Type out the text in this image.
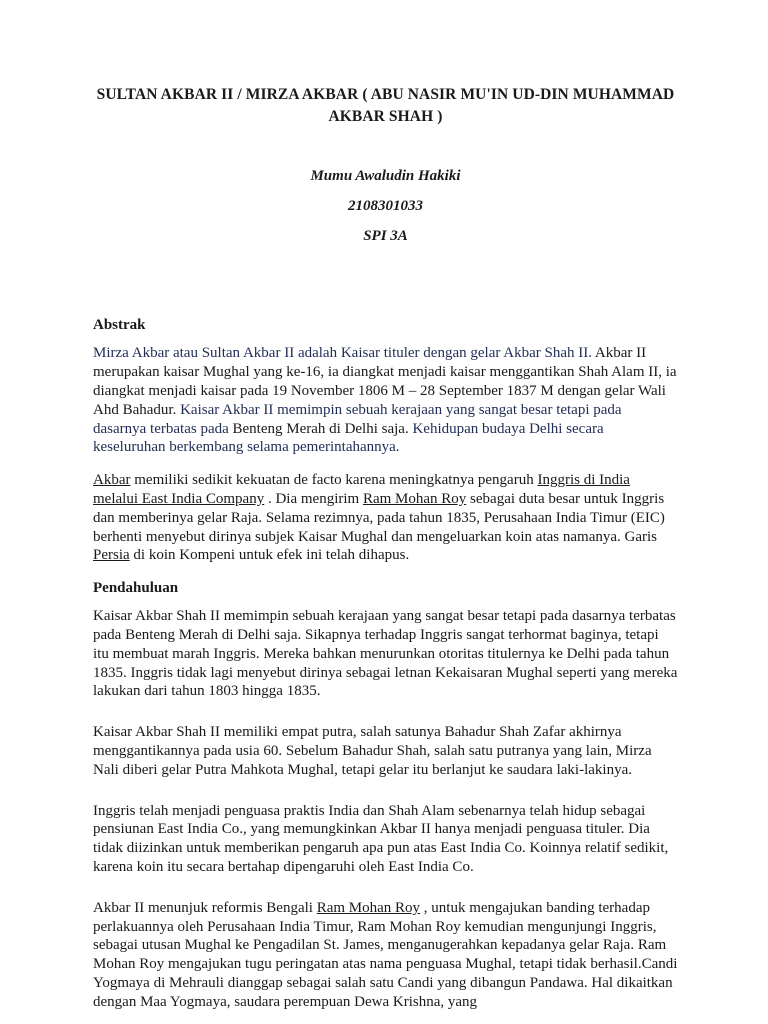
SULTAN AKBAR II / MIRZA AKBAR ( ABU NASIR MU'IN UD-DIN MUHAMMAD AKBAR SHAH )
Mumu Awaludin Hakiki
2108301033
SPI 3A
Abstrak

Mirza Akbar atau Sultan Akbar II adalah Kaisar tituler dengan gelar Akbar Shah II. Akbar II merupakan kaisar Mughal yang ke-16, ia diangkat menjadi kaisar menggantikan Shah Alam II, ia diangkat menjadi kaisar pada 19 November 1806 M – 28 September 1837 M dengan gelar Wali Ahd Bahadur. Kaisar Akbar II memimpin sebuah kerajaan yang sangat besar tetapi pada dasarnya terbatas pada Benteng Merah di Delhi saja. Kehidupan budaya Delhi secara keseluruhan berkembang selama pemerintahannya.

Akbar memiliki sedikit kekuatan de facto karena meningkatnya pengaruh Inggris di India melalui East India Company . Dia mengirim Ram Mohan Roy sebagai duta besar untuk Inggris dan memberinya gelar Raja. Selama rezimnya, pada tahun 1835, Perusahaan India Timur (EIC) berhenti menyebut dirinya subjek Kaisar Mughal dan mengeluarkan koin atas namanya. Garis Persia di koin Kompeni untuk efek ini telah dihapus.

Pendahuluan

Kaisar Akbar Shah II memimpin sebuah kerajaan yang sangat besar tetapi pada dasarnya terbatas pada Benteng Merah di Delhi saja. Sikapnya terhadap Inggris sangat terhormat baginya, tetapi itu membuat marah Inggris. Mereka bahkan menurunkan otoritas titulernya ke Delhi pada tahun 1835. Inggris tidak lagi menyebut dirinya sebagai letnan Kekaisaran Mughal seperti yang mereka lakukan dari tahun 1803 hingga 1835.

Kaisar Akbar Shah II memiliki empat putra, salah satunya Bahadur Shah Zafar akhirnya menggantikannya pada usia 60. Sebelum Bahadur Shah, salah satu putranya yang lain, Mirza Nali diberi gelar Putra Mahkota Mughal, tetapi gelar itu berlanjut ke saudara laki-lakinya.

Inggris telah menjadi penguasa praktis India dan Shah Alam sebenarnya telah hidup sebagai pensiunan East India Co., yang memungkinkan Akbar II hanya menjadi penguasa tituler. Dia tidak diizinkan untuk memberikan pengaruh apa pun atas East India Co. Koinnya relatif sedikit, karena koin itu secara bertahap dipengaruhi oleh East India Co.

Akbar II menunjuk reformis Bengali Ram Mohan Roy , untuk mengajukan banding terhadap perlakuannya oleh Perusahaan India Timur, Ram Mohan Roy kemudian mengunjungi Inggris, sebagai utusan Mughal ke Pengadilan St. James, menganugerahkan kepadanya gelar Raja. Ram Mohan Roy mengajukan tugu peringatan atas nama penguasa Mughal, tetapi tidak berhasil.Candi Yogmaya di Mehrauli dianggap sebagai salah satu Candi yang dibangun Pandawa. Hal dikaitkan dengan Maa Yogmaya, saudara perempuan Dewa Krishna, yang
